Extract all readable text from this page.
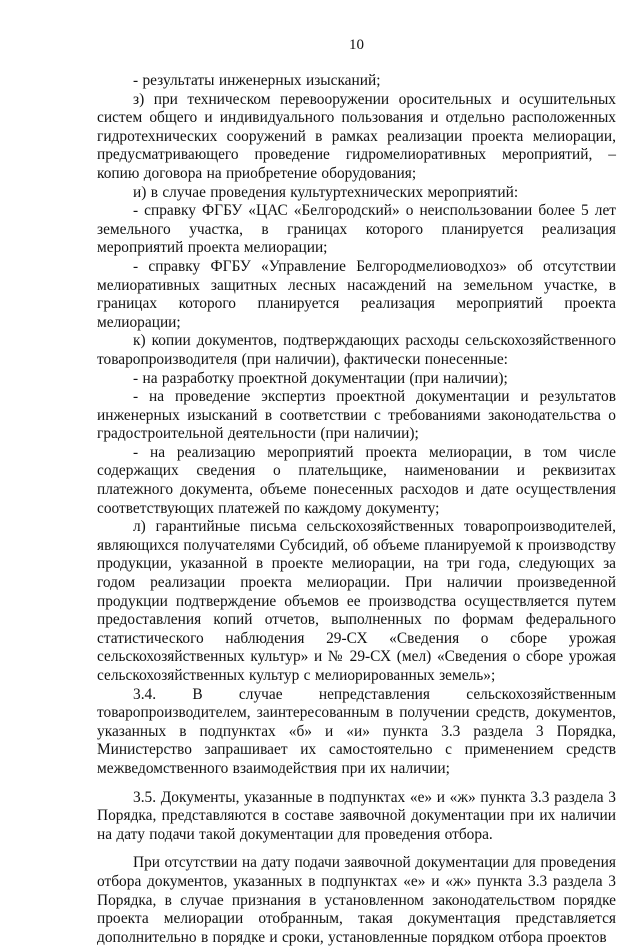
10

- результаты инженерных изысканий;

з) при техническом перевооружении оросительных и осушительных систем общего и индивидуального пользования и отдельно расположенных гидротехнических сооружений в рамках реализации проекта мелиорации, предусматривающего проведение гидромелиоративных мероприятий, – копию договора на приобретение оборудования;

и) в случае проведения культуртехнических мероприятий:

- справку ФГБУ «ЦАС «Белгородский» о неиспользовании более 5 лет земельного участка, в границах которого планируется реализация мероприятий проекта мелиорации;

- справку ФГБУ «Управление Белгородмелиоводхоз» об отсутствии мелиоративных защитных лесных насаждений на земельном участке, в границах которого планируется реализация мероприятий проекта мелиорации;

к) копии документов, подтверждающих расходы сельскохозяйственного товаропроизводителя (при наличии), фактически понесенные:

- на разработку проектной документации (при наличии);

- на проведение экспертиз проектной документации и результатов инженерных изысканий в соответствии с требованиями законодательства о градостроительной деятельности (при наличии);

- на реализацию мероприятий проекта мелиорации, в том числе содержащих сведения о плательщике, наименовании и реквизитах платежного документа, объеме понесенных расходов и дате осуществления соответствующих платежей по каждому документу;

л) гарантийные письма сельскохозяйственных товаропроизводителей, являющихся получателями Субсидий, об объеме планируемой к производству продукции, указанной в проекте мелиорации, на три года, следующих за годом реализации проекта мелиорации. При наличии произведенной продукции подтверждение объемов ее производства осуществляется путем предоставления копий отчетов, выполненных по формам федерального статистического наблюдения 29-СХ «Сведения о сборе урожая сельскохозяйственных культур» и № 29-СХ (мел) «Сведения о сборе урожая сельскохозяйственных культур с мелиорированных земель»;

3.4. В случае непредставления сельскохозяйственным товаропроизводителем, заинтересованным в получении средств, документов, указанных в подпунктах «б» и «и» пункта 3.3 раздела 3 Порядка, Министерство запрашивает их самостоятельно с применением средств межведомственного взаимодействия при их наличии;

3.5. Документы, указанные в подпунктах «е» и «ж» пункта 3.3 раздела 3 Порядка, представляются в составе заявочной документации при их наличии на дату подачи такой документации для проведения отбора.

При отсутствии на дату подачи заявочной документации для проведения отбора документов, указанных в подпунктах «е» и «ж» пункта 3.3 раздела 3 Порядка, в случае признания в установленном законодательством порядке проекта мелиорации отобранным, такая документация представляется дополнительно в порядке и сроки, установленные порядком отбора проектов
